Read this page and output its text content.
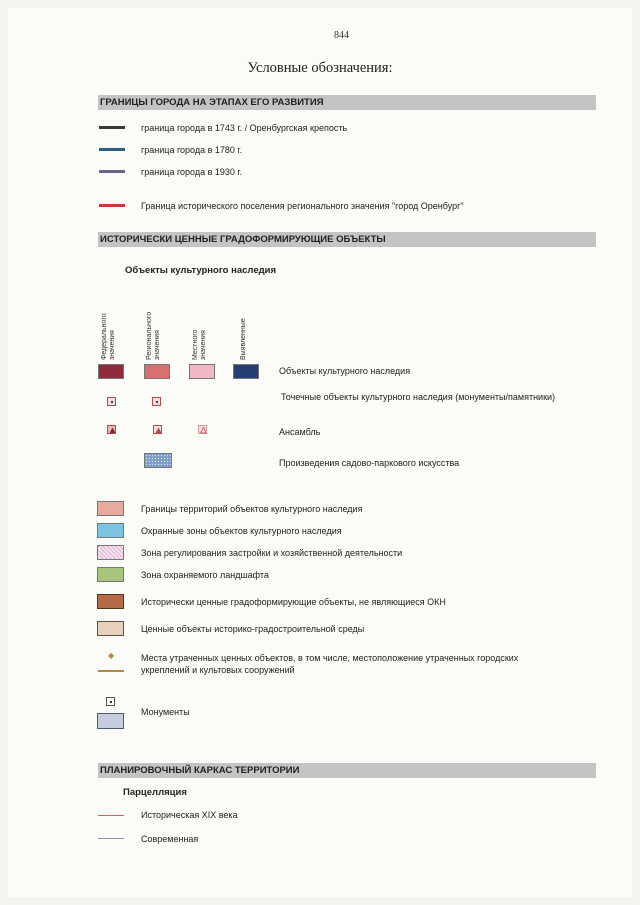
844
Условные обозначения:
ГРАНИЦЫ ГОРОДА НА ЭТАПАХ ЕГО РАЗВИТИЯ
граница города в 1743 г. / Оренбургская крепость
граница города в 1780 г.
граница города в 1930 г.
Граница исторического поселения регионального значения "город Оренбург"
ИСТОРИЧЕСКИ ЦЕННЫЕ ГРАДОФОРМИРУЮЩИЕ ОБЪЕКТЫ
Объекты культурного наследия
Федерального значения	Регионального значения	Местного значения	Выявленные
Объекты культурного наследия
Точечные объекты культурного наследия (монументы/памятники)
Ансамбль
Произведения садово-паркового искусства
Границы территорий объектов культурного наследия
Охранные зоны объектов культурного наследия
Зона регулирования застройки и хозяйственной деятельности
Зона охраняемого ландшафта
Исторически ценные градоформирующие объекты, не являющиеся ОКН
Ценные объекты историко-градостроительной среды
◆	Места утраченных ценных объектов, в том числе, местоположение утраченных городских
укреплений и культовых сооружений
Монументы
ПЛАНИРОВОЧНЫЙ КАРКАС ТЕРРИТОРИИ
Парцелляция
Историческая XIX века
Современная
